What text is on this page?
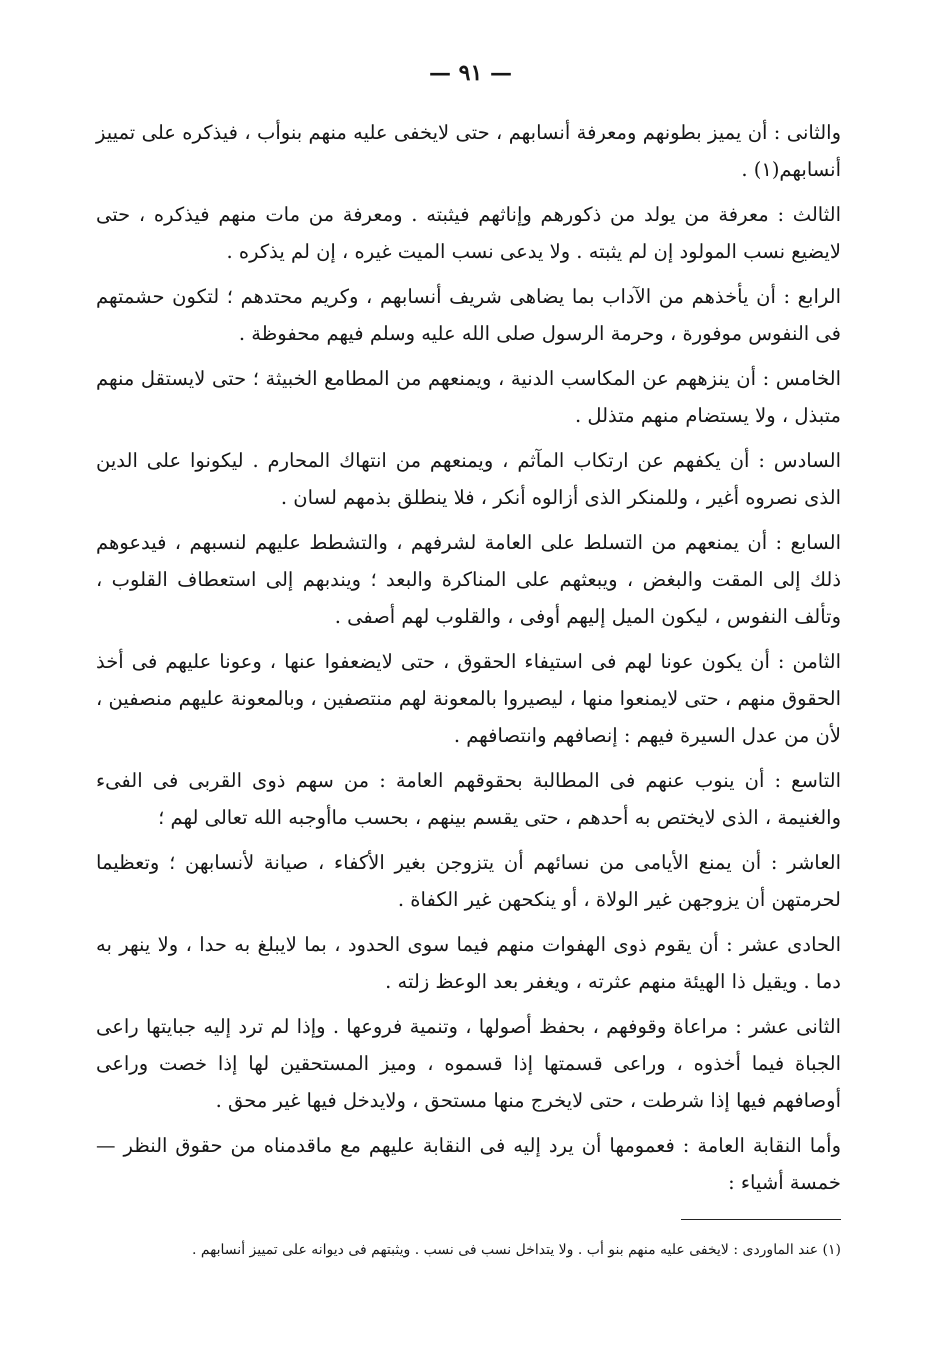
— ٩١ —

والثانى : أن يميز بطونهم ومعرفة أنسابهم ، حتى لايخفى عليه منهم بنوأب ، فيذكره على تمييز أنسابهم(١) .

الثالث : معرفة من يولد من ذكورهم وإناثهم فيثبته . ومعرفة من مات منهم فيذكره ، حتى لايضيع نسب المولود إن لم يثبته . ولا يدعى نسب الميت غيره ، إن لم يذكره .

الرابع : أن يأخذهم من الآداب بما يضاهى شريف أنسابهم ، وكريم محتدهم ؛ لتكون حشمتهم فى النفوس موفورة ، وحرمة الرسول صلى الله عليه وسلم فيهم محفوظة .

الخامس : أن ينزههم عن المكاسب الدنية ، ويمنعهم من المطامع الخبيثة ؛ حتى لايستقل منهم متبذل ، ولا يستضام منهم متذلل .

السادس : أن يكفهم عن ارتكاب المآثم ، ويمنعهم من انتهاك المحارم . ليكونوا على الدين الذى نصروه أغير ، وللمنكر الذى أزالوه أنكر ، فلا ينطلق بذمهم لسان .

السابع : أن يمنعهم من التسلط على العامة لشرفهم ، والتشطط عليهم لنسبهم ، فيدعوهم ذلك إلى المقت والبغض ، ويبعثهم على المناكرة والبعد ؛ ويندبهم إلى استعطاف القلوب ، وتألف النفوس ، ليكون الميل إليهم أوفى ، والقلوب لهم أصفى .

الثامن : أن يكون عونا لهم فى استيفاء الحقوق ، حتى لايضعفوا عنها ، وعونا عليهم فى أخذ الحقوق منهم ، حتى لايمنعوا منها ، ليصيروا بالمعونة لهم منتصفين ، وبالمعونة عليهم منصفين ، لأن من عدل السيرة فيهم : إنصافهم وانتصافهم .

التاسع : أن ينوب عنهم فى المطالبة بحقوقهم العامة : من سهم ذوى القربى فى الفىء والغنيمة ، الذى لايختص به أحدهم ، حتى يقسم بينهم ، بحسب ماأوجبه الله تعالى لهم ؛

العاشر : أن يمنع الأيامى من نسائهم أن يتزوجن بغير الأكفاء ، صيانة لأنسابهن ؛ وتعظيما لحرمتهن أن يزوجهن غير الولاة ، أو ينكحهن غير الكفاة .

الحادى عشر : أن يقوم ذوى الهفوات منهم فيما سوى الحدود ، بما لايبلغ به حدا ، ولا ينهر به دما . ويقيل ذا الهيئة منهم عثرته ، ويغفر بعد الوعظ زلته .

الثانى عشر : مراعاة وقوفهم ، بحفظ أصولها ، وتنمية فروعها . وإذا لم ترد إليه جبايتها راعى الجباة فيما أخذوه ، وراعى قسمتها إذا قسموه ، وميز المستحقين لها إذا خصت وراعى أوصافهم فيها إذا شرطت ، حتى لايخرج منها مستحق ، ولايدخل فيها غير محق .

وأما النقابة العامة : فعمومها أن يرد إليه فى النقابة عليهم مع ماقدمناه من حقوق النظر — خمسة أشياء :

(١) عند الماوردى : لايخفى عليه منهم بنو أب . ولا يتداخل نسب فى نسب . ويثبتهم فى ديوانه على تمييز أنسابهم .
